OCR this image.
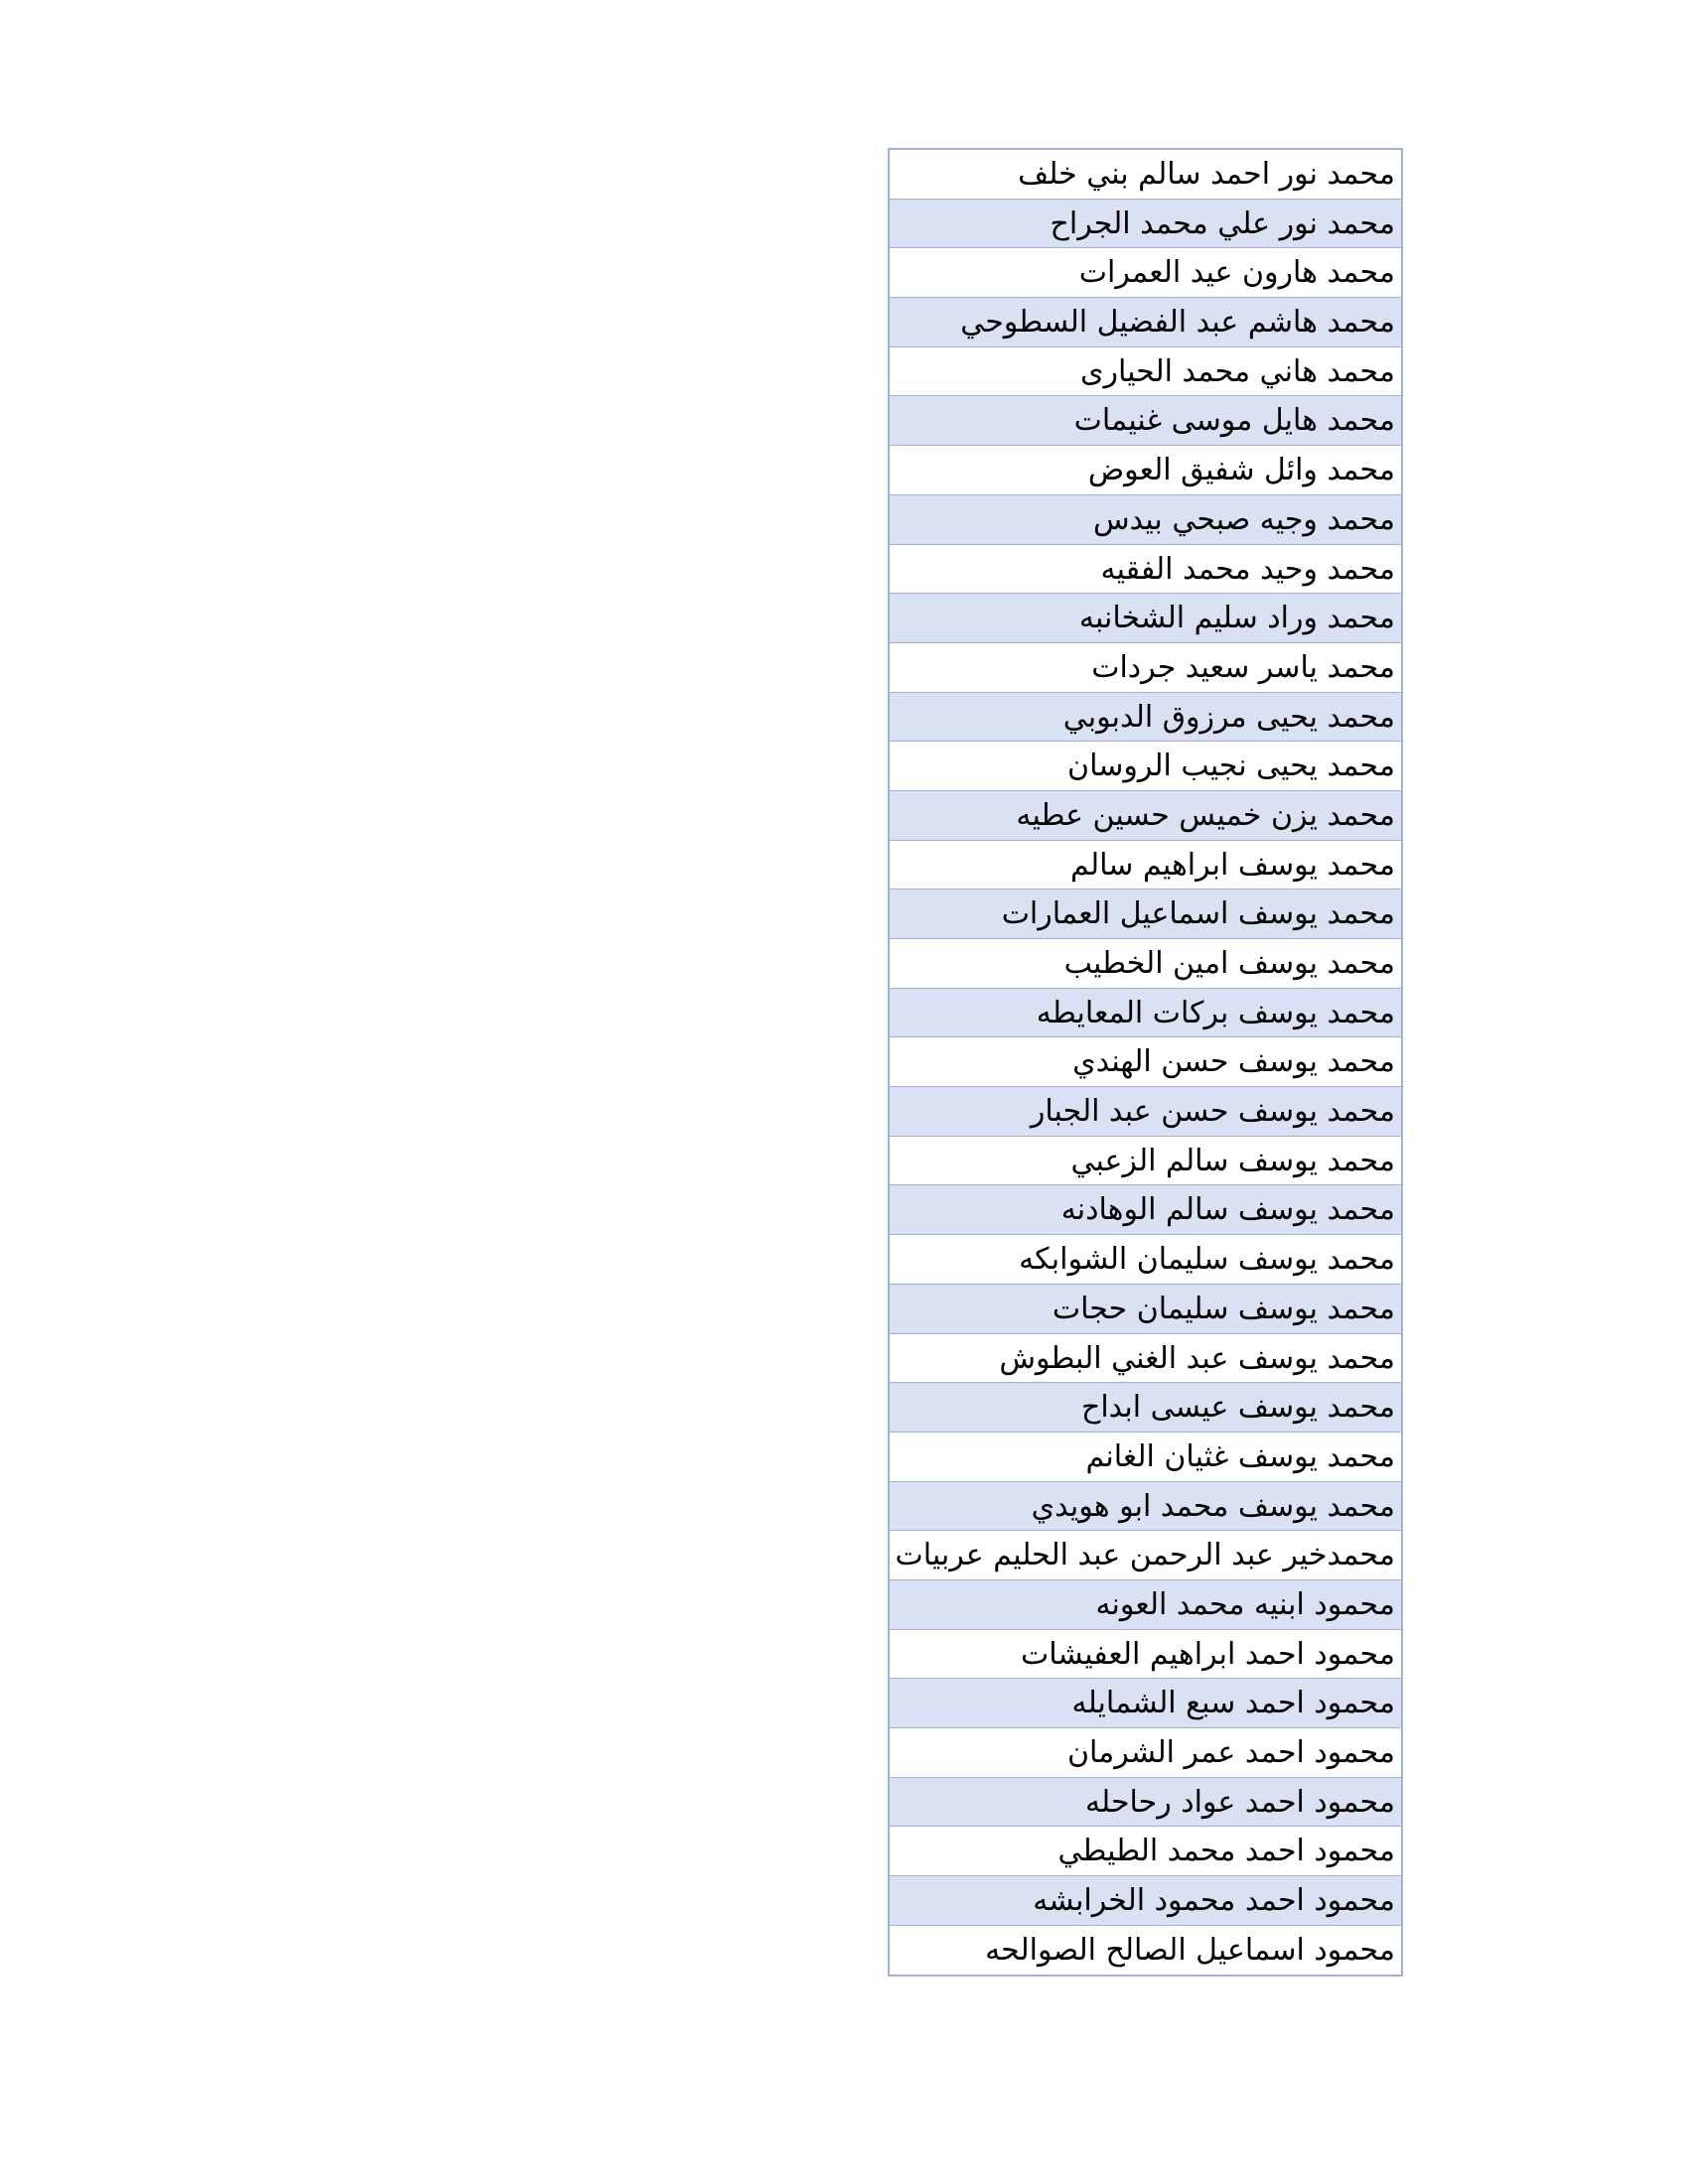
محمد نور احمد سالم بني خلف
محمد نور علي محمد الجراح
محمد هارون عيد العمرات
محمد هاشم عبد الفضيل السطوحي
محمد هاني محمد الحيارى
محمد هايل موسى غنيمات
محمد وائل شفيق العوض
محمد وجيه صبحي بيدس
محمد وحيد محمد الفقيه
محمد وراد سليم الشخانبه
محمد ياسر سعيد جردات
محمد يحيى مرزوق الدبوبي
محمد يحيى نجيب الروسان
محمد يزن خميس حسين عطيه
محمد يوسف ابراهيم سالم
محمد يوسف اسماعيل العمارات
محمد يوسف امين الخطيب
محمد يوسف بركات المعايطه
محمد يوسف حسن الهندي
محمد يوسف حسن عبد الجبار
محمد يوسف سالم الزعبي
محمد يوسف سالم الوهادنه
محمد يوسف سليمان الشوابكه
محمد يوسف سليمان حجات
محمد يوسف عبد الغني البطوش
محمد يوسف عيسى ابداح
محمد يوسف غثيان الغانم
محمد يوسف محمد ابو هويدي
محمدخير عبد الرحمن عبد الحليم عربيات
محمود ابنيه محمد العونه
محمود احمد ابراهيم العفيشات
محمود احمد سبع الشمايله
محمود احمد عمر الشرمان
محمود احمد عواد رحاحله
محمود احمد محمد الطيطي
محمود احمد محمود الخرابشه
محمود اسماعيل الصالح الصوالحه
